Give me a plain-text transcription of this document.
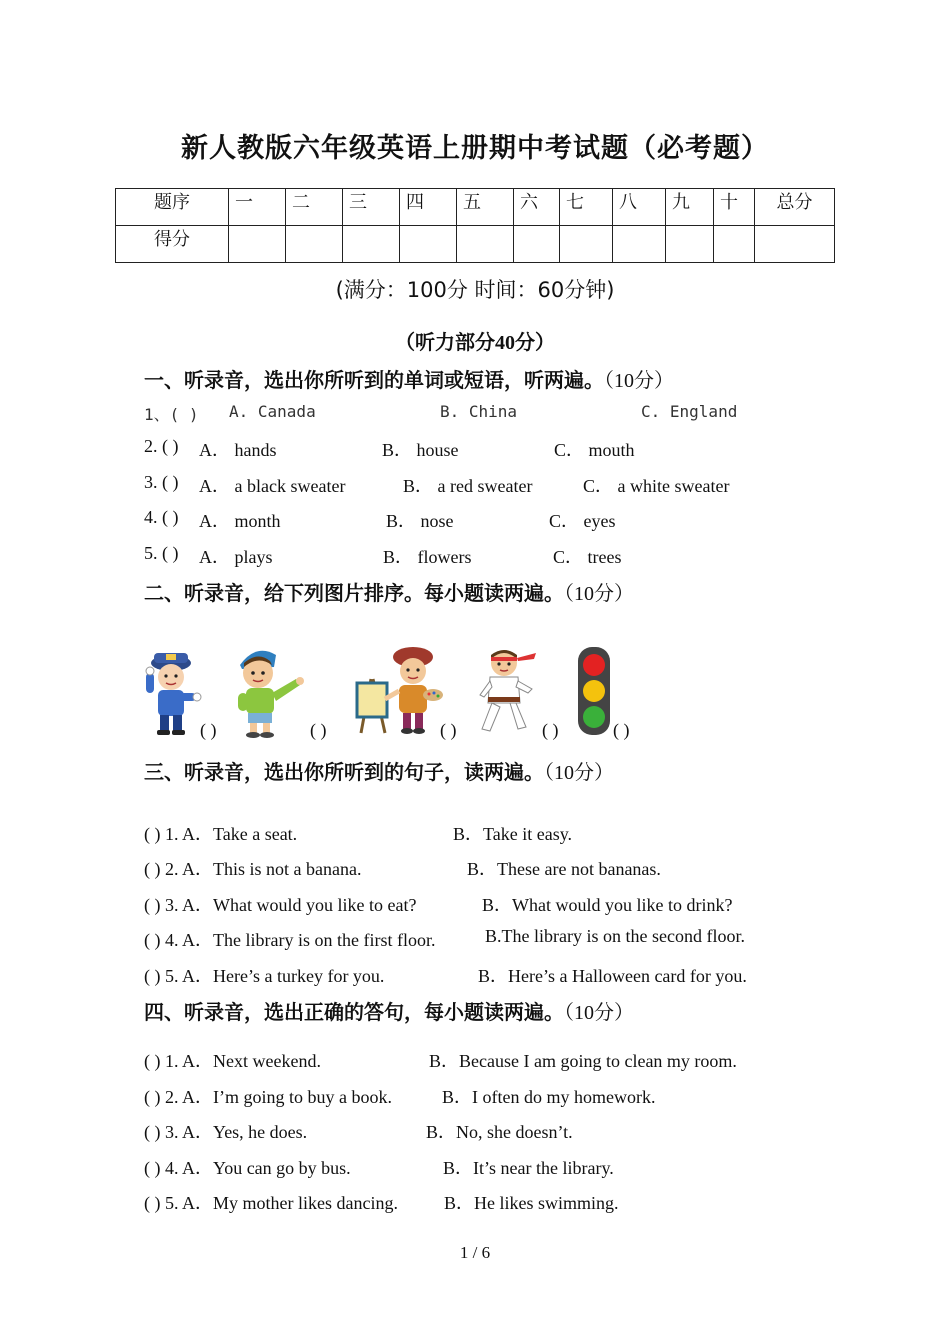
新人教版六年级英语上册期中考试题（必考题）
题序	一	二	三	四	五	六	七	八	九	十	总分
得分											
(满分：100分 时间：60分钟)
（听力部分40分）
一、听录音，选出你所听到的单词或短语，听两遍。（10分）
1、( ) A. Canada	B. China	C. England
2. ( ) A． hands	B． house	C． mouth
3. ( ) A． a black sweater	B． a red sweater	C． a white sweater
4. ( ) A． month	B． nose	C． eyes
5. ( ) A． plays	B． flowers	C． trees
二、听录音，给下列图片排序。每小题读两遍。（10分）
( )	( )	( )	( )	( )
三、听录音，选出你所听到的句子，读两遍。（10分）
( ) 1. A．Take a seat.	B．Take it easy.
( ) 2. A．This is not a banana.	B．These are not bananas.
( ) 3. A．What would you like to eat?	B．What would you like to drink?
( ) 4. A．The library is on the first floor.	B.The library is on the second floor.
( ) 5. A．Here’s a turkey for you.	B．Here’s a Halloween card for you.
四、听录音，选出正确的答句，每小题读两遍。（10分）
( ) 1. A．Next weekend.	B．Because I am going to clean my room.
( ) 2. A．I’m going to buy a book.	B．I often do my homework.
( ) 3. A．Yes, he does.	B．No, she doesn’t.
( ) 4. A．You can go by bus.	B．It’s near the library.
( ) 5. A．My mother likes dancing.	B．He likes swimming.
1 / 6
